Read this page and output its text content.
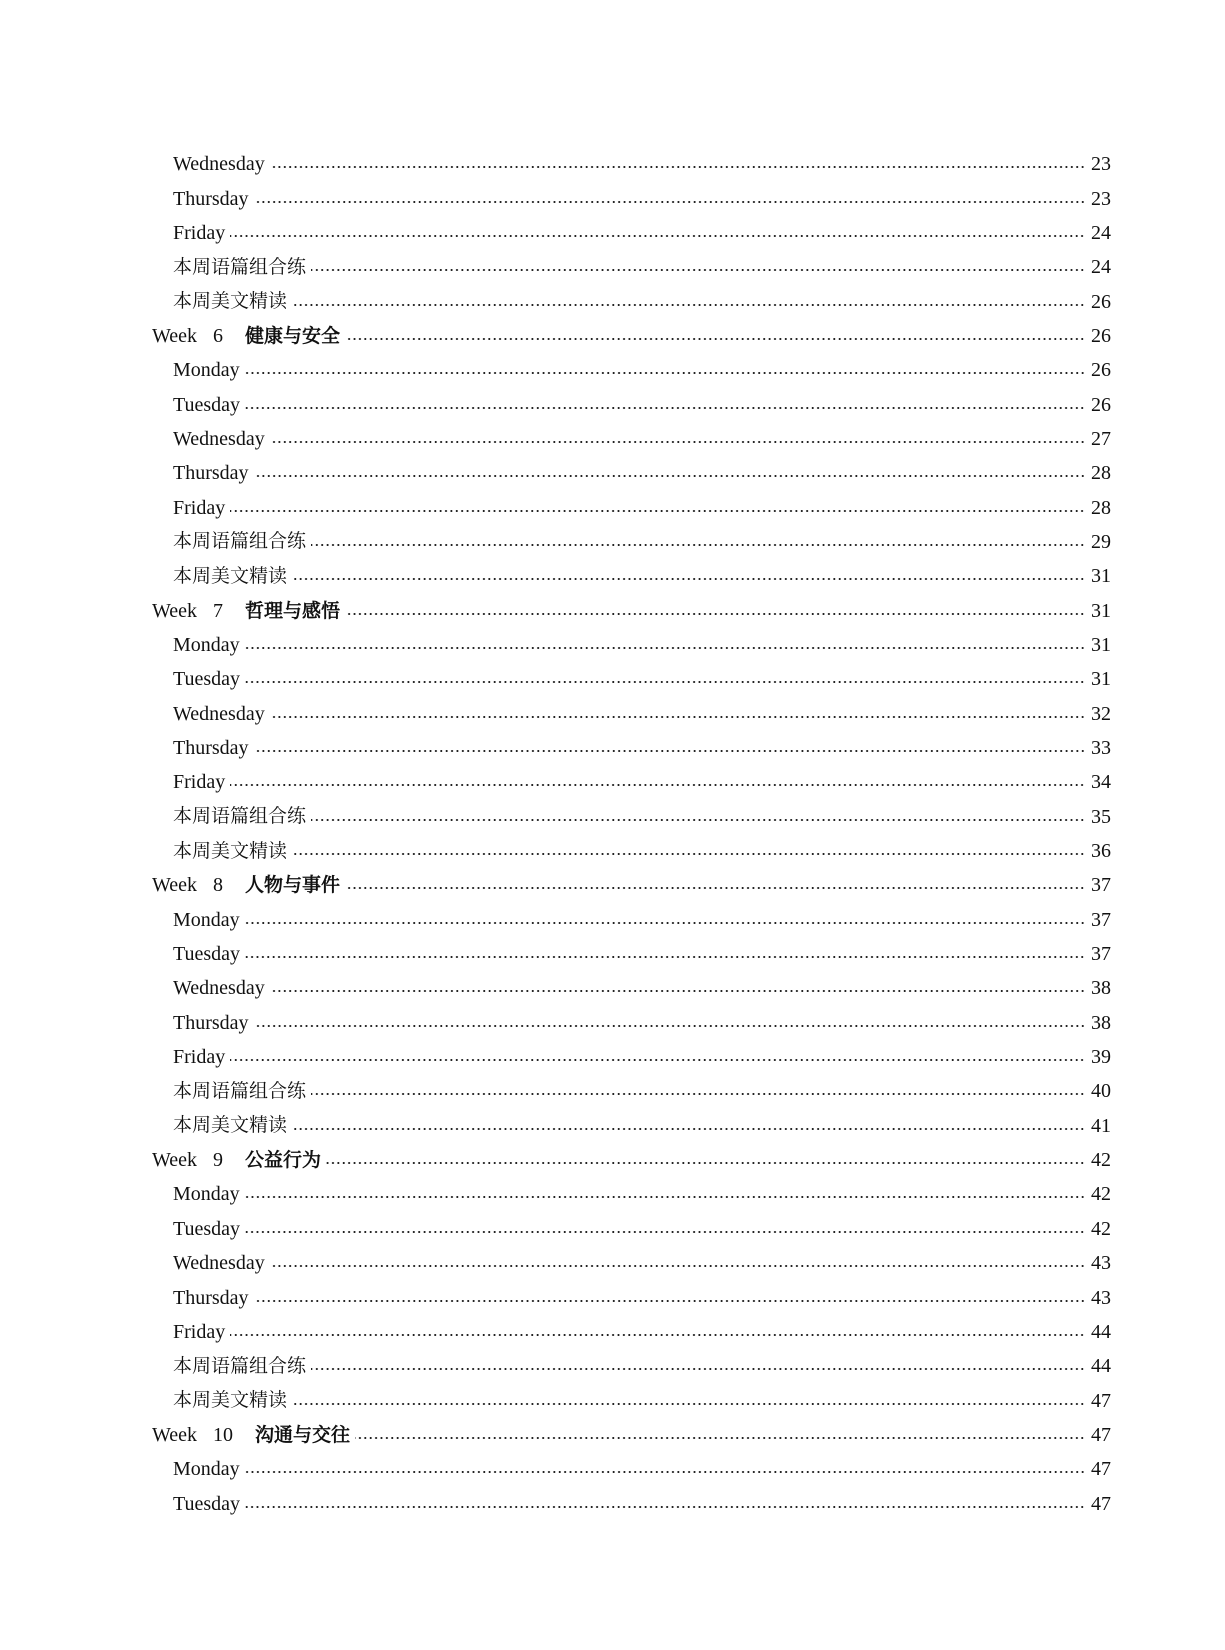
Wednesday	23
Thursday	23
Friday	24
本周语篇组合练	24
本周美文精读	26
Week 6 健康与安全	26
Monday	26
Tuesday	26
Wednesday	27
Thursday	28
Friday	28
本周语篇组合练	29
本周美文精读	31
Week 7 哲理与感悟	31
Monday	31
Tuesday	31
Wednesday	32
Thursday	33
Friday	34
本周语篇组合练	35
本周美文精读	36
Week 8 人物与事件	37
Monday	37
Tuesday	37
Wednesday	38
Thursday	38
Friday	39
本周语篇组合练	40
本周美文精读	41
Week 9 公益行为	42
Monday	42
Tuesday	42
Wednesday	43
Thursday	43
Friday	44
本周语篇组合练	44
本周美文精读	47
Week 10 沟通与交往	47
Monday	47
Tuesday	47
